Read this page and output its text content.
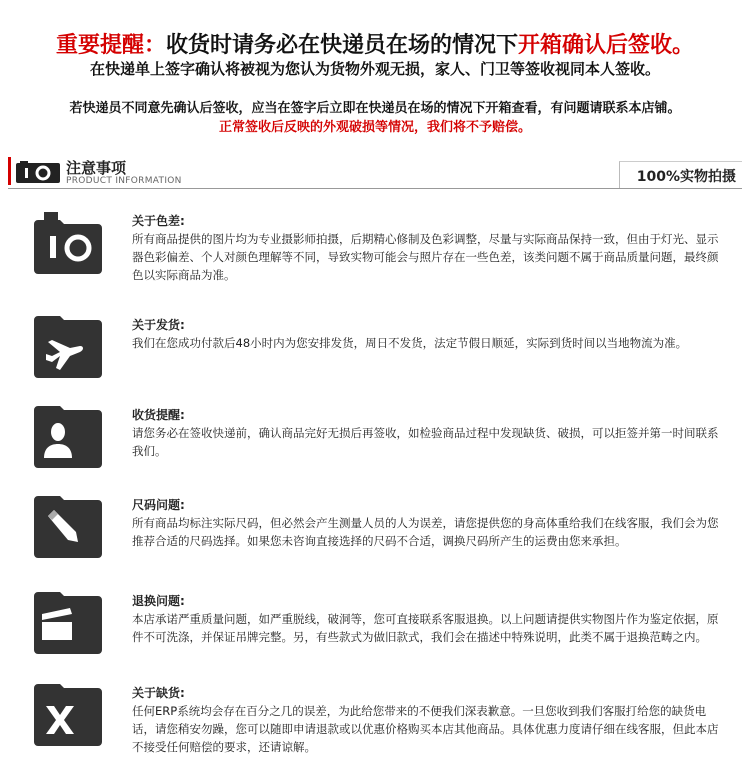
重要提醒：收货时请务必在快递员在场的情况下开箱确认后签收。
在快递单上签字确认将被视为您认为货物外观无损，家人、门卫等签收视同本人签收。
若快递员不同意先确认后签收，应当在签字后立即在快递员在场的情况下开箱查看，有问题请联系本店铺。
正常签收后反映的外观破损等情况，我们将不予赔偿。
注意事项
PRODUCT INFORMATION	100%实物拍摄
关于色差:
所有商品提供的图片均为专业摄影师拍摄，后期精心修制及色彩调整，尽量与实际商品保持一致，但由于灯光、显示器色彩偏差、个人对颜色理解等不同，导致实物可能会与照片存在一些色差，该类问题不属于商品质量问题，最终颜色以实际商品为准。
关于发货:
我们在您成功付款后48小时内为您安排发货，周日不发货，法定节假日顺延，实际到货时间以当地物流为准。
收货提醒:
请您务必在签收快递前，确认商品完好无损后再签收，如检验商品过程中发现缺货、破损，可以拒签并第一时间联系我们。
尺码问题:
所有商品均标注实际尺码，但必然会产生测量人员的人为误差，请您提供您的身高体重给我们在线客服，我们会为您推荐合适的尺码选择。如果您未咨询直接选择的尺码不合适，调换尺码所产生的运费由您来承担。
退换问题:
本店承诺严重质量问题，如严重脱线，破洞等，您可直接联系客服退换。以上问题请提供实物图片作为鉴定依据，原件不可洗涤，并保证吊牌完整。另，有些款式为做旧款式，我们会在描述中特殊说明，此类不属于退换范畴之内。
关于缺货:
任何ERP系统均会存在百分之几的误差，为此给您带来的不便我们深表歉意。一旦您收到我们客服打给您的缺货电话，请您稍安勿躁，您可以随即申请退款或以优惠价格购买本店其他商品。具体优惠力度请仔细在线客服，但此本店不接受任何赔偿的要求，还请谅解。
